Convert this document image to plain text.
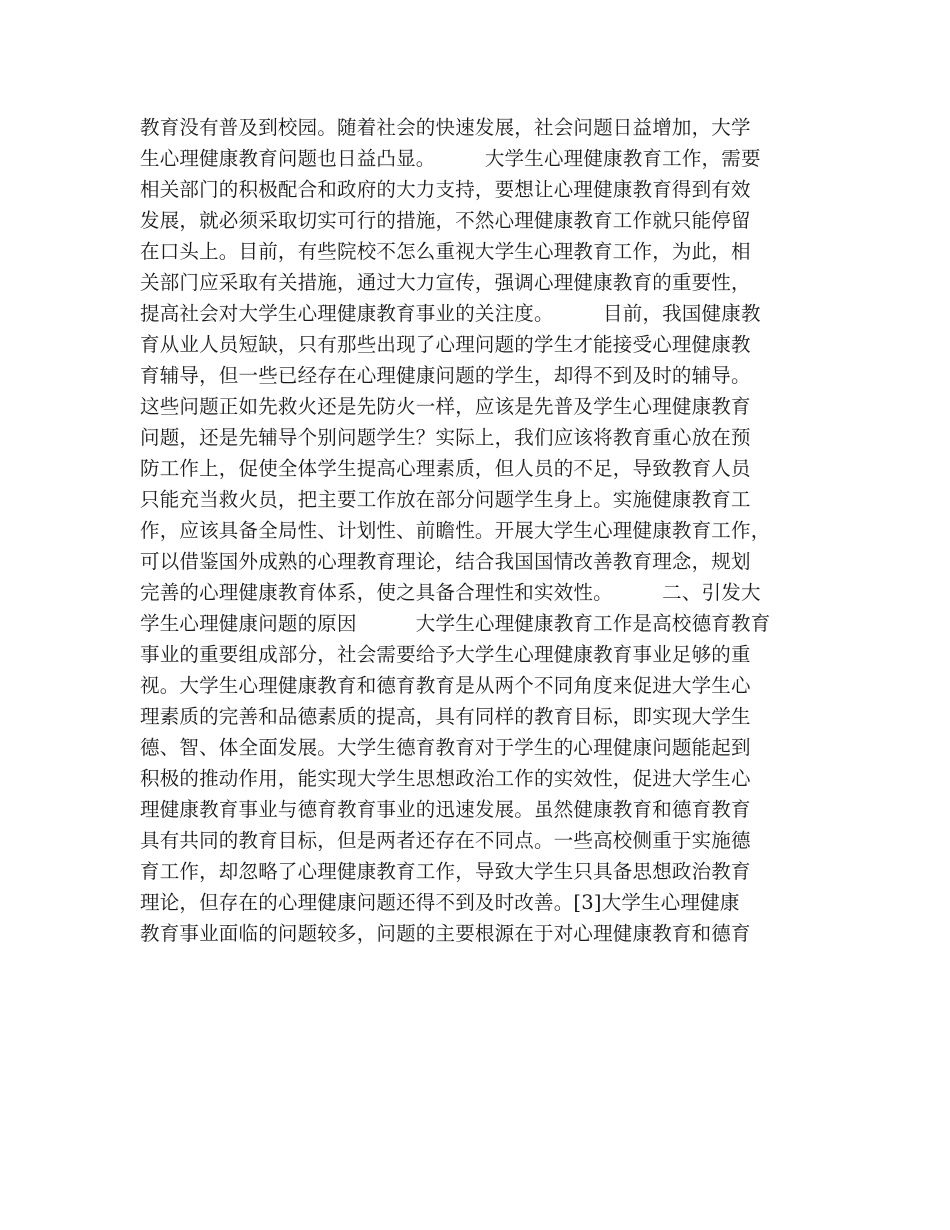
教育没有普及到校园。随着社会的快速发展，社会问题日益增加，大学
生心理健康教育问题也日益凸显。　　　大学生心理健康教育工作，需要
相关部门的积极配合和政府的大力支持，要想让心理健康教育得到有效
发展，就必须采取切实可行的措施，不然心理健康教育工作就只能停留
在口头上。目前，有些院校不怎么重视大学生心理教育工作，为此，相
关部门应采取有关措施，通过大力宣传，强调心理健康教育的重要性，
提高社会对大学生心理健康教育事业的关注度。　　　目前，我国健康教
育从业人员短缺，只有那些出现了心理问题的学生才能接受心理健康教
育辅导，但一些已经存在心理健康问题的学生，却得不到及时的辅导。
这些问题正如先救火还是先防火一样，应该是先普及学生心理健康教育
问题，还是先辅导个别问题学生？实际上，我们应该将教育重心放在预
防工作上，促使全体学生提高心理素质，但人员的不足，导致教育人员
只能充当救火员，把主要工作放在部分问题学生身上。实施健康教育工
作，应该具备全局性、计划性、前瞻性。开展大学生心理健康教育工作，
可以借鉴国外成熟的心理教育理论，结合我国国情改善教育理念，规划
完善的心理健康教育体系，使之具备合理性和实效性。　　　二、引发大
学生心理健康问题的原因　　　大学生心理健康教育工作是高校德育教育
事业的重要组成部分，社会需要给予大学生心理健康教育事业足够的重
视。大学生心理健康教育和德育教育是从两个不同角度来促进大学生心
理素质的完善和品德素质的提高，具有同样的教育目标，即实现大学生
德、智、体全面发展。大学生德育教育对于学生的心理健康问题能起到
积极的推动作用，能实现大学生思想政治工作的实效性，促进大学生心
理健康教育事业与德育教育事业的迅速发展。虽然健康教育和德育教育
具有共同的教育目标，但是两者还存在不同点。一些高校侧重于实施德
育工作，却忽略了心理健康教育工作，导致大学生只具备思想政治教育
理论，但存在的心理健康问题还得不到及时改善。[3]大学生心理健康
教育事业面临的问题较多，问题的主要根源在于对心理健康教育和德育
